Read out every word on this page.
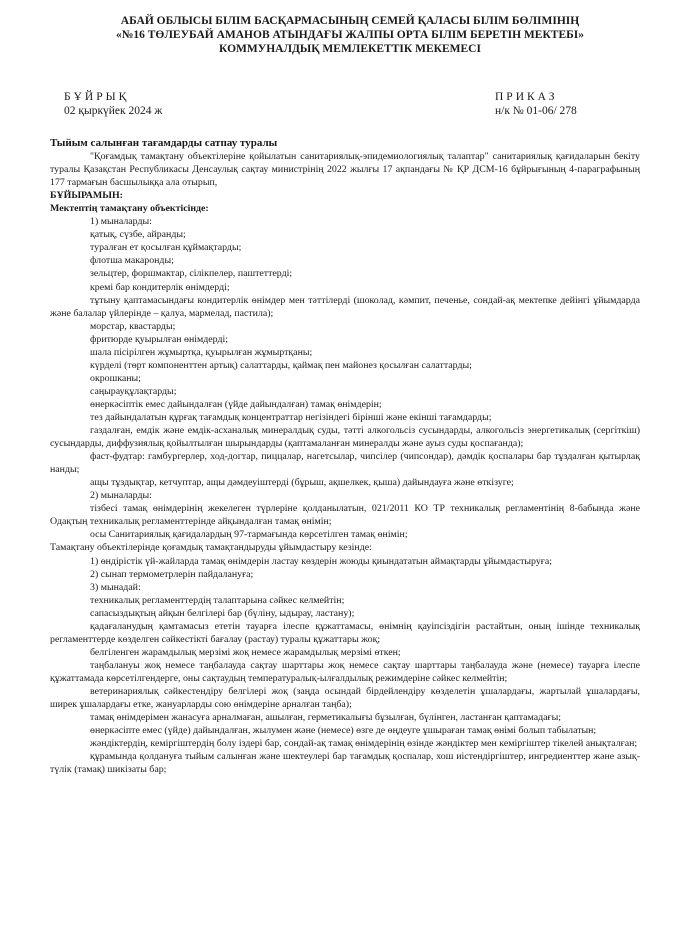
АБАЙ ОБЛЫСЫ БІЛІМ БАСҚАРМАСЫНЫҢ СЕМЕЙ ҚАЛАСЫ БІЛІМ БӨЛІМІНІҢ
«№16 ТӨЛЕУБАЙ АМАНОВ АТЫНДАҒЫ ЖАЛПЫ ОРТА БІЛІМ БЕРЕТІН МЕКТЕБІ»
КОММУНАЛДЫҚ МЕМЛЕКЕТТІК МЕКЕМЕСІ
БҰЙРЫҚ
02 қыркүйек 2024 ж
ПРИКАЗ
н/к № 01-06/ 278

Тыйым салынған тағамдарды сатпау туралы

"Қоғамдық тамақтану объектілеріне қойылатын санитариялық-эпидемиологиялық талаптар" санитариялық қағидаларын бекіту туралы Қазақстан Республикасы Денсаулық сақтау министрінің 2022 жылғы 17 ақпандағы № ҚР ДСМ-16 бұйрығының 4-параграфының 177 тармағын басшылыққа ала отырып,

БҰЙЫРАМЫН:

Мектептің тамақтану объектісінде:

1) мыналарды:

қатық, сүзбе, айранды;

туралған ет қосылған құймақтарды;

флотша макаронды;

зельцтер, форшмактар, сілікпелер, паштеттерді;

кремі бар кондитерлік өнімдерді;

тұтыну қаптамасындағы кондитерлік өнімдер мен тәттілерді (шоколад, кәмпит, печенье, сондай-ақ мектепке дейінгі ұйымдарда және балалар үйлерінде – қалуа, мармелад, пастила);

морстар, квастарды;

фритюрде қуырылған өнімдерді;

шала пісірілген жұмыртқа, қуырылған жұмыртқаны;

күрделі (төрт компоненттен артық) салаттарды, қаймақ пен майонез қосылған салаттарды;

окрошканы;

саңырауқұлақтарды;

өнеркәсіптік емес дайындалған (үйде дайындалған) тамақ өнімдерін;

тез дайындалатын құрғақ тағамдық концентраттар негізіндегі бірінші және екінші тағамдарды;

газдалған, емдік және емдік-асханалық минералдық суды, тәтті алкогольсіз сусындарды, алкогольсіз энергетикалық (сергіткіш) сусындарды, диффузиялық қойылтылған шырындарды (қаптамаланған минералды және ауыз суды қоспағанда);

фаст-фудтар: гамбургерлер, ход-догтар, пиццалар, нагетсылар, чипсілер (чипсондар), дәмдік қоспалары бар тұздалған қытырлақ нанды;

ащы тұздықтар, кетчуптар, ащы дәмдеуіштерді (бұрыш, ақшелкек, қыша) дайындауға және өткізуге;

2) мыналарды:

тізбесі тамақ өнімдерінің жекелеген түрлеріне қолданылатын, 021/2011 КО ТР техникалық регламентінің 8-бабында және Одақтың техникалық регламенттерінде айқындалған тамақ өнімін;

осы Санитариялық қағидалардың 97-тармағында көрсетілген тамақ өнімін;

Тамақтану объектілерінде қоғамдық тамақтандыруды ұйымдастыру кезінде:

1) өндірістік үй-жайларда тамақ өнімдерін ластау көздерін жоюды қиындататын аймақтарды ұйымдастыруға;

2) сынап термометрлерін пайдалануға;

3) мынадай:

техникалық регламенттердің талаптарына сәйкес келмейтін;

сапасыздықтың айқын белгілері бар (бүліну, ыдырау, ластану);

қадағаланудың қамтамасыз ететін тауарға ілеспе құжаттамасы, өнімнің қауіпсіздігін растайтын, оның ішінде техникалық регламенттерде көзделген сәйкестікті бағалау (растау) туралы құжаттары жоқ;

белгіленген жарамдылық мерзімі жоқ немесе жарамдылық мерзімі өткен;

таңбалануы жоқ немесе таңбалауда сақтау шарттары жоқ немесе сақтау шарттары таңбалауда және (немесе) тауарға ілеспе құжаттамада көрсетілгендерге, оны сақтаудың температуралық-ылғалдылық режимдеріне сәйкес келмейтін;

ветеринариялық сәйкестендіру белгілері жоқ (заңда осындай бірдейлендіру көзделетін ұшалардағы, жартылай ұшалардағы, ширек ұшалардағы етке, жануарларды сою өнімдеріне арналған таңба);

тамақ өнімдерімен жанасуға арналмаған, ашылған, герметикалығы бұзылған, бүлінген, ластанған қаптамадағы;

өнеркәсіпте емес (үйде) дайындалған, жылумен және (немесе) өзге де өңдеуге ұшыраған тамақ өнімі болып табылатын;

жәндіктердің, кеміргіштердің болу іздері бар, сондай-ақ тамақ өнімдерінің өзінде жәндіктер мен кеміргіштер тікелей анықталған;

құрамында қолдануға тыйым салынған және шектеулері бар тағамдық қоспалар, хош иістендіргіштер, ингредиенттер және азық-түлік (тамақ) шикізаты бар;
